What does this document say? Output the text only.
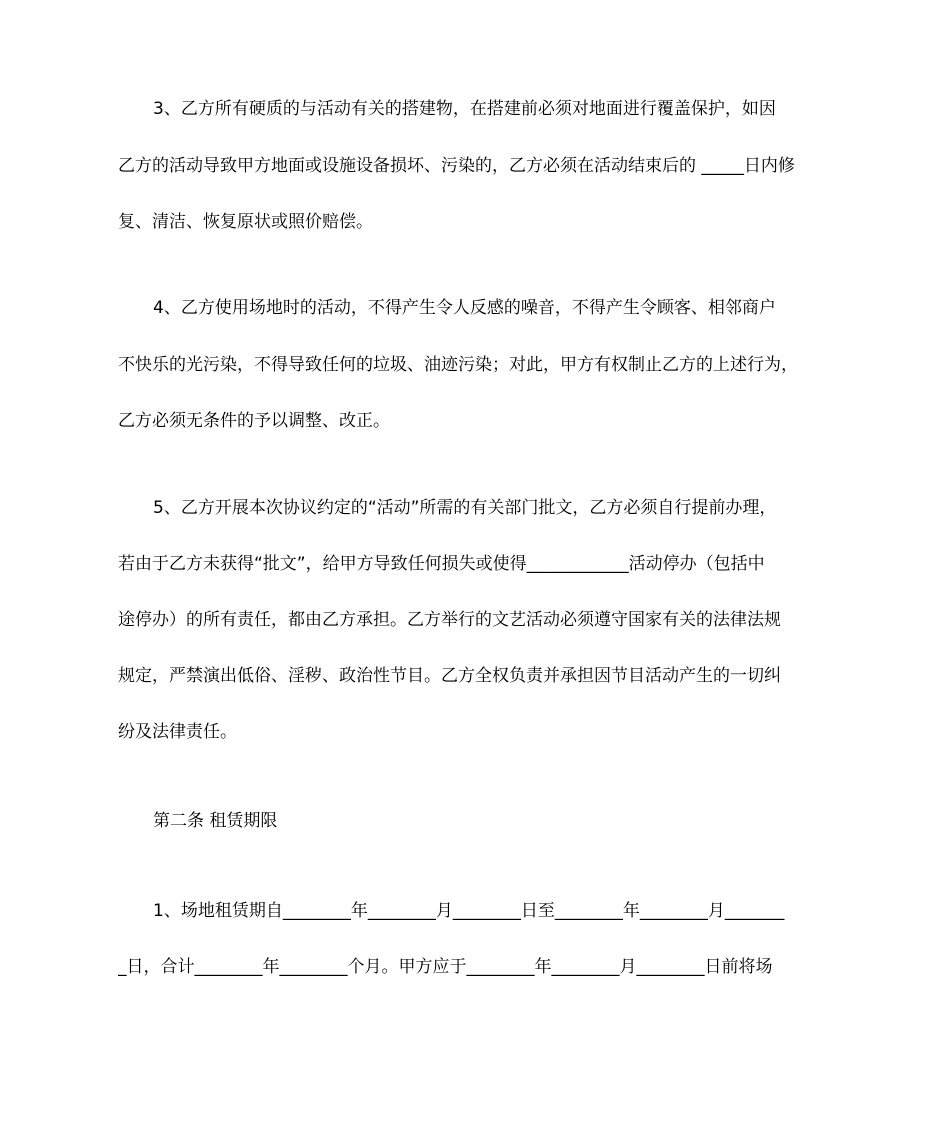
3、乙方所有硬质的与活动有关的搭建物，在搭建前必须对地面进行覆盖保护，如因
乙方的活动导致甲方地面或设施设备损坏、污染的，乙方必须在活动结束后的 _____日内修
复、清洁、恢复原状或照价赔偿。
4、乙方使用场地时的活动，不得产生令人反感的噪音，不得产生令顾客、相邻商户
不快乐的光污染，不得导致任何的垃圾、油迹污染；对此，甲方有权制止乙方的上述行为，
乙方必须无条件的予以调整、改正。
5、乙方开展本次协议约定的“活动”所需的有关部门批文，乙方必须自行提前办理，
若由于乙方未获得“批文”，给甲方导致任何损失或使得____________活动停办（包括中
途停办）的所有责任，都由乙方承担。乙方举行的文艺活动必须遵守国家有关的法律法规
规定，严禁演出低俗、淫秽、政治性节目。乙方全权负责并承担因节目活动产生的一切纠
纷及法律责任。
第二条 租赁期限
1、场地租赁期自________年________月________日至________年________月_______
_日，合计________年________个月。甲方应于________年________月________日前将场
